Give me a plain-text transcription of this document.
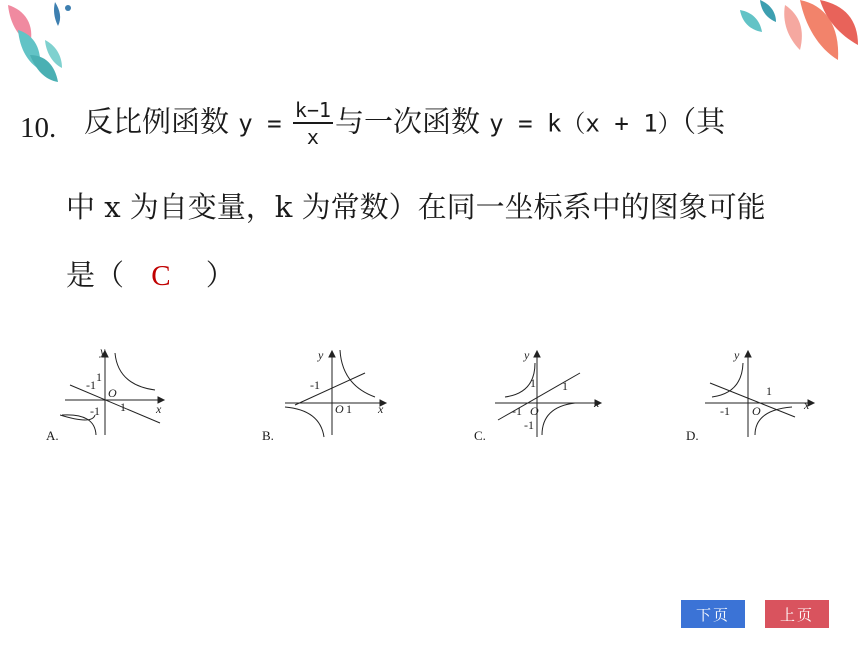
10. 反比例函数 $y = \frac{k-1}{x}$ 与一次函数 y = k（x + 1）（其
中 x 为自变量，k 为常数）在同一坐标系中的图象可能
是（ C ）
y
x
O
-1
1
1
-1
A.
y
x
O
-1
1
B.
y
x
O
1 1
-1
-1
C.
y
x
O
1
-1
D.
下页	上页
